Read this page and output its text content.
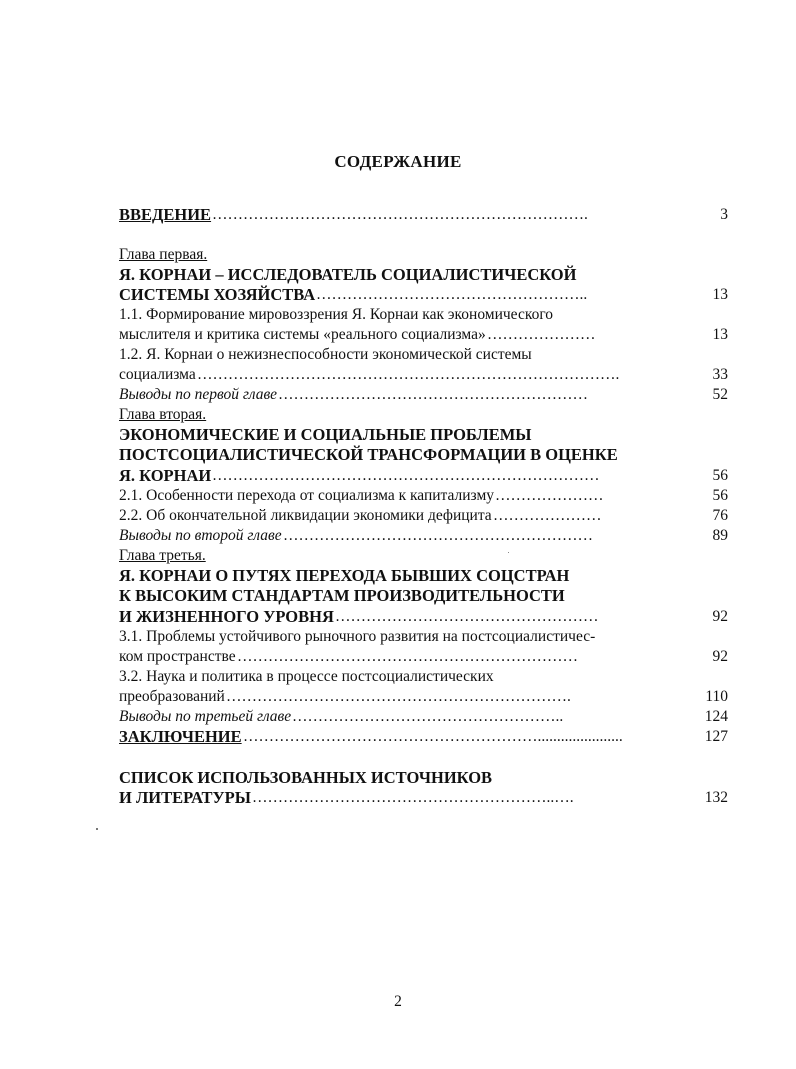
СОДЕРЖАНИЕ
ВВЕДЕНИЕ ……………………………………………………………….	3
Глава первая.
Я. КОРНАИ – ИССЛЕДОВАТЕЛЬ СОЦИАЛИСТИЧЕСКОЙ
СИСТЕМЫ ХОЗЯЙСТВА ……………………………………………..	13
1.1. Формирование мировоззрения Я. Корнаи как экономического
мыслителя и критика системы «реального социализма» …………………	13
1.2. Я. Корнаи о нежизнеспособности экономической системы
социализма ……………………………………………………………………….	33
Выводы по первой главе ……………………………………………………	52
Глава вторая.
ЭКОНОМИЧЕСКИЕ И СОЦИАЛЬНЫЕ ПРОБЛЕМЫ
ПОСТСОЦИАЛИСТИЧЕСКОЙ ТРАНСФОРМАЦИИ В ОЦЕНКЕ
Я. КОРНАИ …………………………………………………………………	56
2.1. Особенности перехода от социализма к капитализму …………………	56
2.2. Об окончательной ликвидации экономики дефицита …………………	76
Выводы по второй главе ……………………………………………………	89
Глава третья.
Я. КОРНАИ О ПУТЯХ ПЕРЕХОДА БЫВШИХ СОЦСТРАН
К ВЫСОКИМ СТАНДАРТАМ ПРОИЗВОДИТЕЛЬНОСТИ
И ЖИЗНЕННОГО УРОВНЯ ……………………………………………	92
3.1. Проблемы устойчивого рыночного развития на постсоциалистичес-
ком пространстве …………………………………………………………	92
3.2. Наука и политика в процессе постсоциалистических
преобразований ………………………………………………………….	110
Выводы по третьей главе ……………………………………………..	124
ЗАКЛЮЧЕНИЕ …………………………………………………......................	127
СПИСОК ИСПОЛЬЗОВАННЫХ ИСТОЧНИКОВ
И ЛИТЕРАТУРЫ …………………………………………………..….	132
2
